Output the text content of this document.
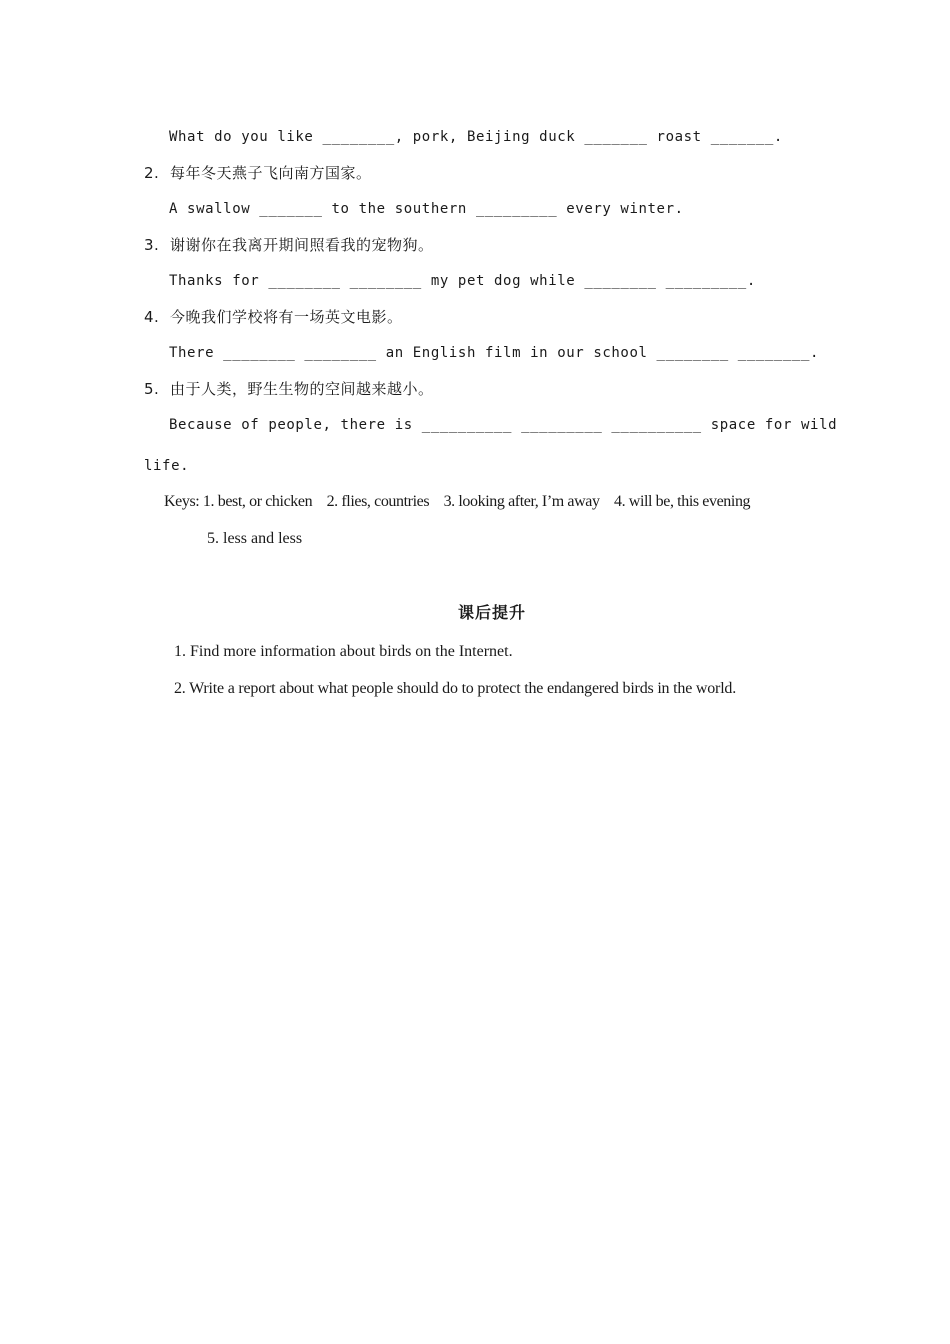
What do you like ________, pork, Beijing duck _______ roast _______.
2. 每年冬天燕子飞向南方国家。
A swallow _______ to the southern _________ every winter.
3. 谢谢你在我离开期间照看我的宠物狗。
Thanks for ________ ________ my pet dog while ________ _________.
4. 今晚我们学校将有一场英文电影。
There ________ ________ an English film in our school ________ ________.
5. 由于人类，野生生物的空间越来越小。
Because of people, there is __________ _________ __________ space for wild
life.
Keys: 1. best, or chicken    2. flies, countries    3. looking after, I’m away    4. will be, this evening
5. less and less
课后提升
1. Find more information about birds on the Internet.
2. Write a report about what people should do to protect the endangered birds in the world.
